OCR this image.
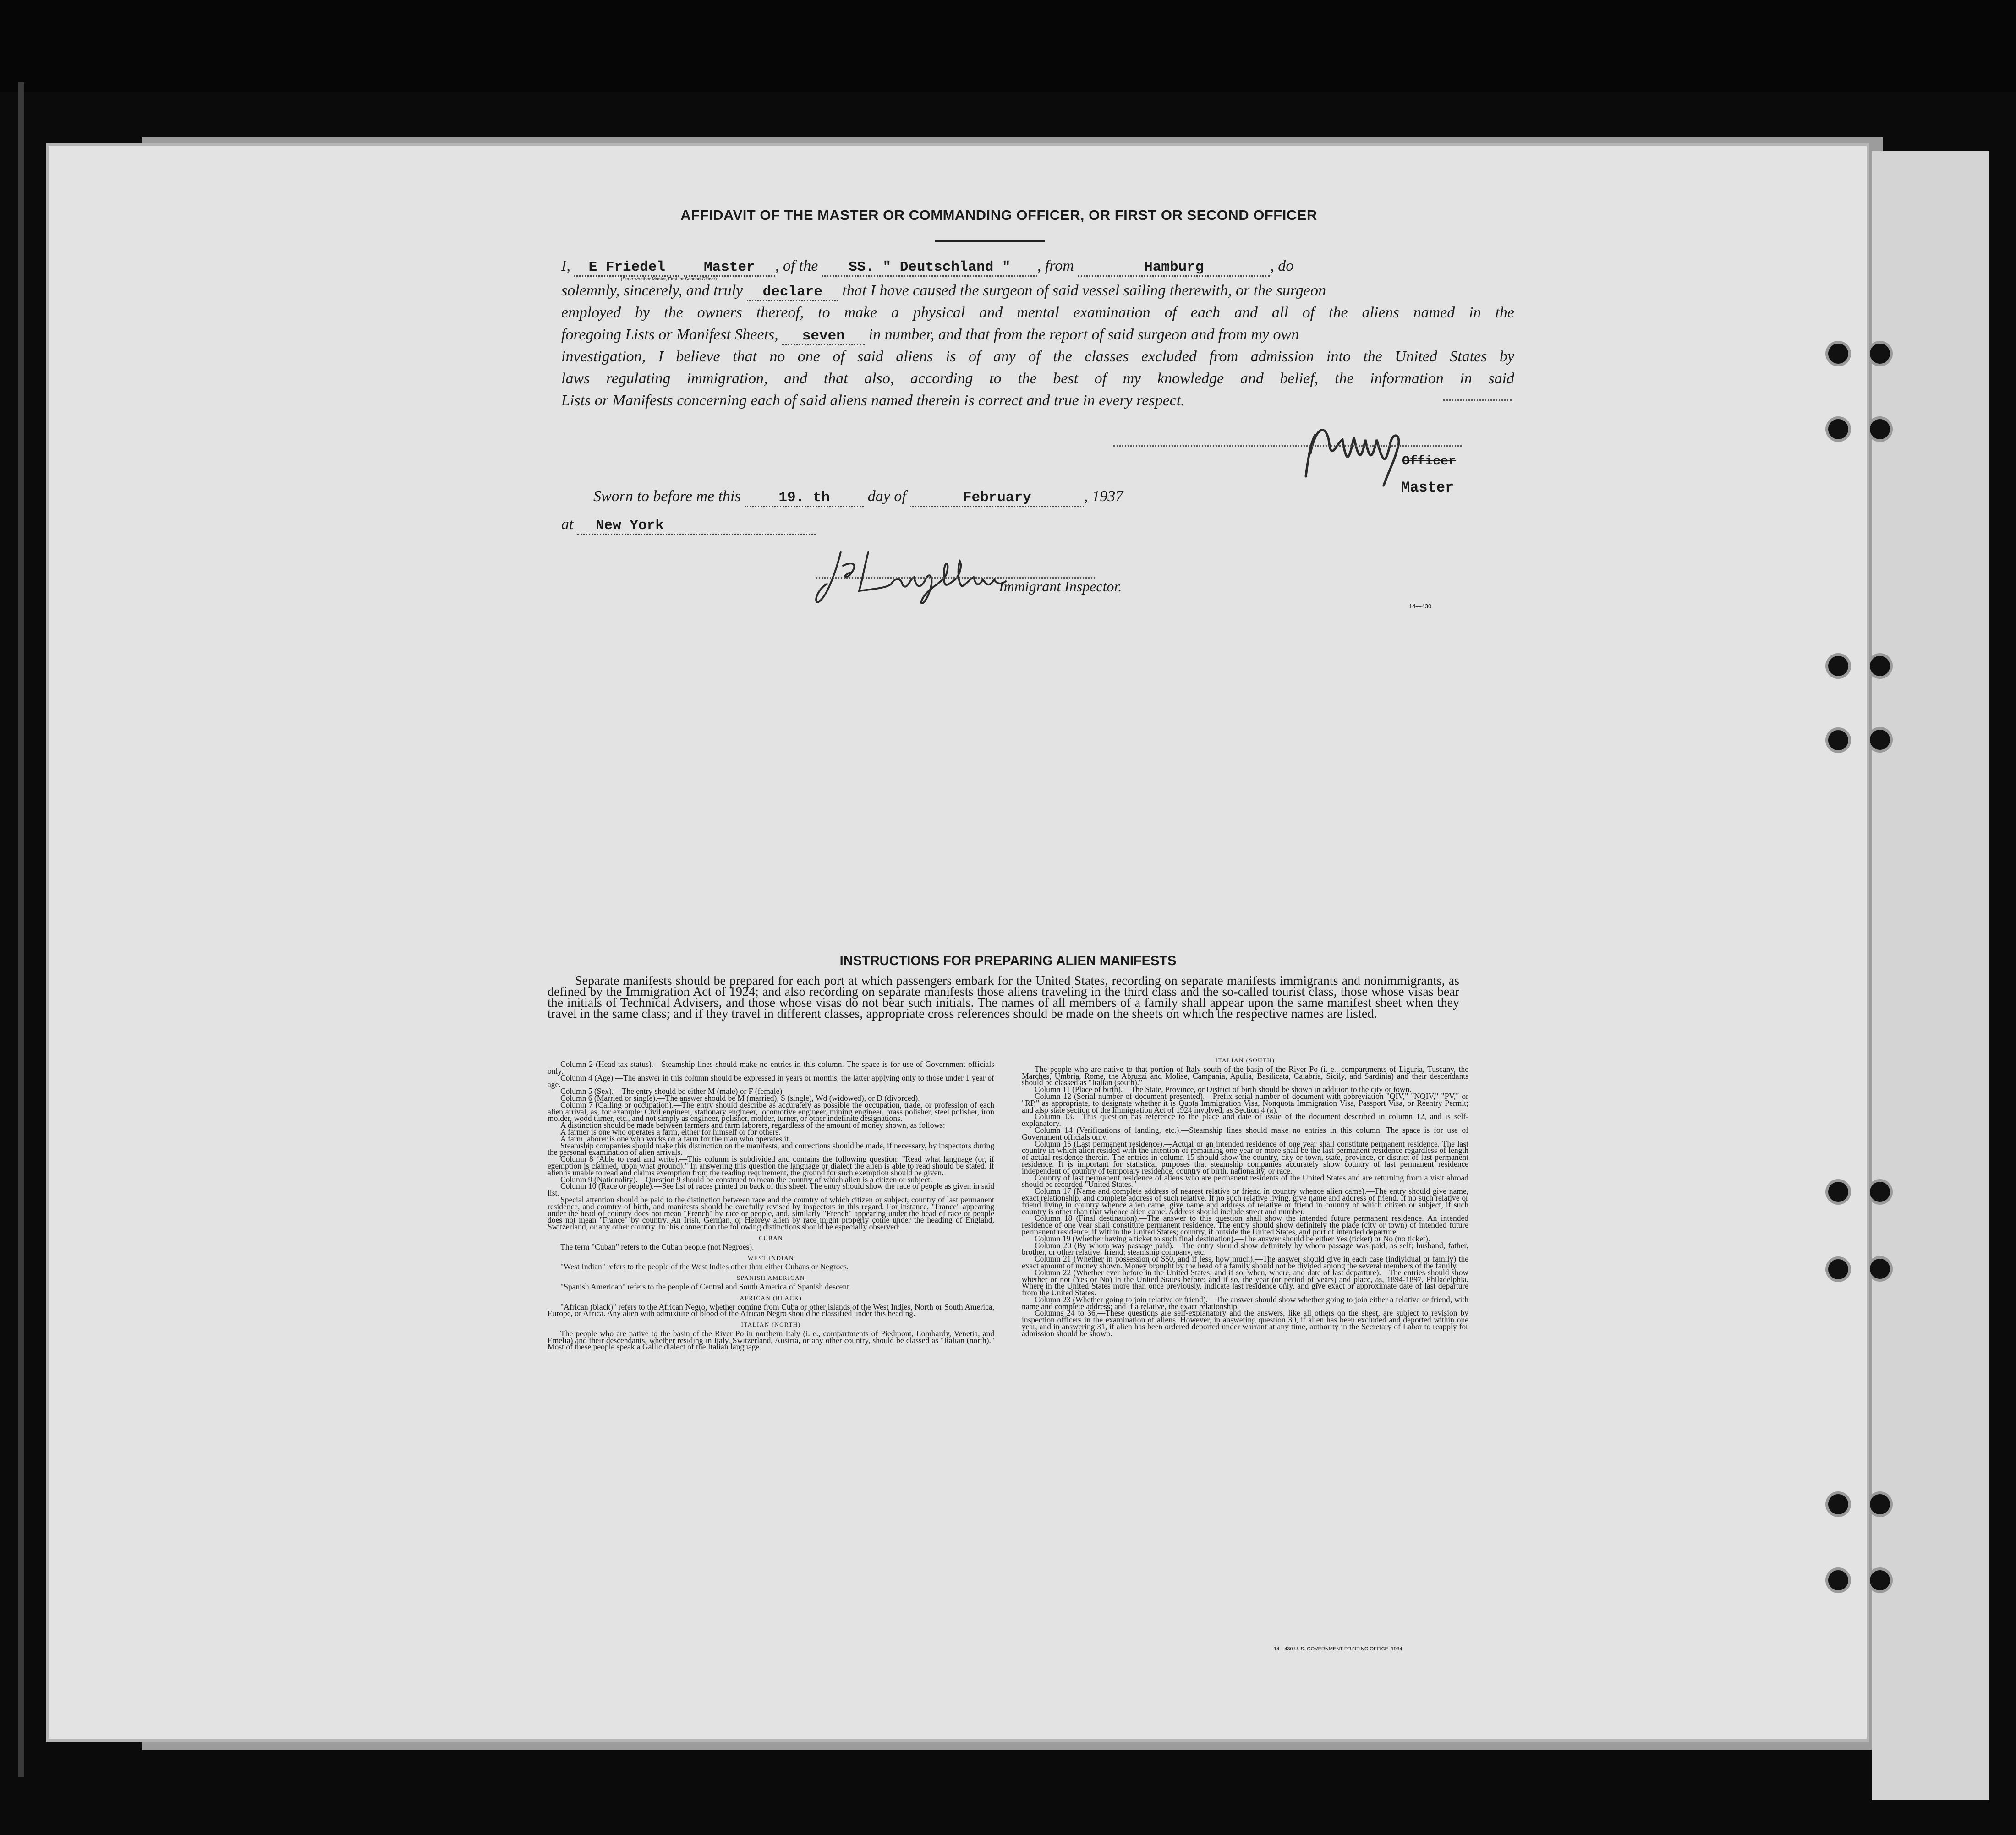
AFFIDAVIT OF THE MASTER OR COMMANDING OFFICER, OR FIRST OR SECOND OFFICER
I, E Friedel	Master , of the SS. " Deutschland " , from	Hamburg	, do
(State whether Master, First, or Second Officer)
solemnly, sincerely, and truly declare that I have caused the surgeon of said vessel sailing therewith, or the surgeon
employed by the owners thereof, to make a physical and mental examination of each and all of the aliens named in the
foregoing Lists or Manifest Sheets, seven in number, and that from the report of said surgeon and from my own
investigation, I believe that no one of said aliens is of any of the classes excluded from admission into the United States by
laws regulating immigration, and that also, according to the best of my knowledge and belief, the information in said
Lists or Manifests concerning each of said aliens named therein is correct and true in every respect.
Officer
Master
Sworn to before me this	19. th day of	February	, 1937
at New York
Immigrant Inspector.
14—430
INSTRUCTIONS FOR PREPARING ALIEN MANIFESTS
Separate manifests should be prepared for each port at which passengers embark for the United States, recording on separate manifests immigrants and nonimmigrants, as defined by the Immigration Act of 1924; and also recording on separate manifests those aliens traveling in the third class and the so-called tourist class, those whose visas bear the initials of Technical Advisers, and those whose visas do not bear such initials. The names of all members of a family shall appear upon the same manifest sheet when they travel in the same class; and if they travel in different classes, appropriate cross references should be made on the sheets on which the respective names are listed.

Column 2 (Head-tax status).—Steamship lines should make no entries in this column. The space is for use of Government officials only.

Column 4 (Age).—The answer in this column should be expressed in years or months, the latter applying only to those under 1 year of age.

Column 5 (Sex).—The entry should be either M (male) or F (female).

Column 6 (Married or single).—The answer should be M (married), S (single), Wd (widowed), or D (divorced).

Column 7 (Calling or occupation).—The entry should describe as accurately as possible the occupation, trade, or profession of each alien arrival, as, for example: Civil engineer, stationary engineer, locomotive engineer, mining engineer, brass polisher, steel polisher, iron molder, wood turner, etc., and not simply as engineer, polisher, molder, turner, or other indefinite designations.

A distinction should be made between farmers and farm laborers, regardless of the amount of money shown, as follows:

A farmer is one who operates a farm, either for himself or for others.

A farm laborer is one who works on a farm for the man who operates it.

Steamship companies should make this distinction on the manifests, and corrections should be made, if necessary, by inspectors during the personal examination of alien arrivals.

Column 8 (Able to read and write).—This column is subdivided and contains the following question: "Read what language (or, if exemption is claimed, upon what ground)." In answering this question the language or dialect the alien is able to read should be stated. If alien is unable to read and claims exemption from the reading requirement, the ground for such exemption should be given.

Column 9 (Nationality).—Question 9 should be construed to mean the country of which alien is a citizen or subject.

Column 10 (Race or people).—See list of races printed on back of this sheet. The entry should show the race or people as given in said list.

Special attention should be paid to the distinction between race and the country of which citizen or subject, country of last permanent residence, and country of birth, and manifests should be carefully revised by inspectors in this regard. For instance, "France" appearing under the head of country does not mean "French" by race or people, and, similarly "French" appearing under the head of race or people does not mean "France" by country. An Irish, German, or Hebrew alien by race might properly come under the heading of England, Switzerland, or any other country. In this connection the following distinctions should be especially observed:

CUBAN

The term "Cuban" refers to the Cuban people (not Negroes).

WEST INDIAN

"West Indian" refers to the people of the West Indies other than either Cubans or Negroes.

SPANISH AMERICAN

"Spanish American" refers to the people of Central and South America of Spanish descent.

AFRICAN (BLACK)

"African (black)" refers to the African Negro, whether coming from Cuba or other islands of the West Indies, North or South America, Europe, or Africa. Any alien with admixture of blood of the African Negro should be classified under this heading.

ITALIAN (NORTH)

The people who are native to the basin of the River Po in northern Italy (i. e., compartments of Piedmont, Lombardy, Venetia, and Emelia) and their descendants, whether residing in Italy, Switzerland, Austria, or any other country, should be classed as "Italian (north)." Most of these people speak a Gallic dialect of the Italian language.

ITALIAN (SOUTH)

The people who are native to that portion of Italy south of the basin of the River Po (i. e., compartments of Liguria, Tuscany, the Marches, Umbria, Rome, the Abruzzi and Molise, Campania, Apulia, Basilicata, Calabria, Sicily, and Sardinia) and their descendants should be classed as "Italian (south)."

Column 11 (Place of birth).—The State, Province, or District of birth should be shown in addition to the city or town.

Column 12 (Serial number of document presented).—Prefix serial number of document with abbreviation "QIV," "NQIV," "PV," or "RP," as appropriate, to designate whether it is Quota Immigration Visa, Nonquota Immigration Visa, Passport Visa, or Reentry Permit; and also state section of the Immigration Act of 1924 involved, as Section 4 (a).

Column 13.—This question has reference to the place and date of issue of the document described in column 12, and is self-explanatory.

Column 14 (Verifications of landing, etc.).—Steamship lines should make no entries in this column. The space is for use of Government officials only.

Column 15 (Last permanent residence).—Actual or an intended residence of one year shall constitute permanent residence. The last country in which alien resided with the intention of remaining one year or more shall be the last permanent residence regardless of length of actual residence therein. The entries in column 15 should show the country, city or town, state, province, or district of last permanent residence. It is important for statistical purposes that steamship companies accurately show country of last permanent residence independent of country of temporary residence, country of birth, nationality, or race.

Country of last permanent residence of aliens who are permanent residents of the United States and are returning from a visit abroad should be recorded "United States."

Column 17 (Name and complete address of nearest relative or friend in country whence alien came).—The entry should give name, exact relationship, and complete address of such relative. If no such relative living, give name and address of friend. If no such relative or friend living in country whence alien came, give name and address of relative or friend in country of which citizen or subject, if such country is other than that whence alien came. Address should include street and number.

Column 18 (Final destination).—The answer to this question shall show the intended future permanent residence. An intended residence of one year shall constitute permanent residence. The entry should show definitely the place (city or town) of intended future permanent residence, if within the United States; country, if outside the United States, and port of intended departure.

Column 19 (Whether having a ticket to such final destination).—The answer should be either Yes (ticket) or No (no ticket).

Column 20 (By whom was passage paid).—The entry should show definitely by whom passage was paid, as self; husband, father, brother, or other relative; friend; steamship company, etc.

Column 21 (Whether in possession of $50, and if less, how much).—The answer should give in each case (individual or family) the exact amount of money shown. Money brought by the head of a family should not be divided among the several members of the family.

Column 22 (Whether ever before in the United States; and if so, when, where, and date of last departure).—The entries should show whether or not (Yes or No) in the United States before; and if so, the year (or period of years) and place, as, 1894-1897, Philadelphia. Where in the United States more than once previously, indicate last residence only, and give exact or approximate date of last departure from the United States.

Column 23 (Whether going to join relative or friend).—The answer should show whether going to join either a relative or friend, with name and complete address; and if a relative, the exact relationship.

Columns 24 to 36.—These questions are self-explanatory and the answers, like all others on the sheet, are subject to revision by inspection officers in the examination of aliens. However, in answering question 30, if alien has been excluded and deported within one year, and in answering 31, if alien has been ordered deported under warrant at any time, authority in the Secretary of Labor to reapply for admission should be shown.

14—430 U. S. GOVERNMENT PRINTING OFFICE: 1934
